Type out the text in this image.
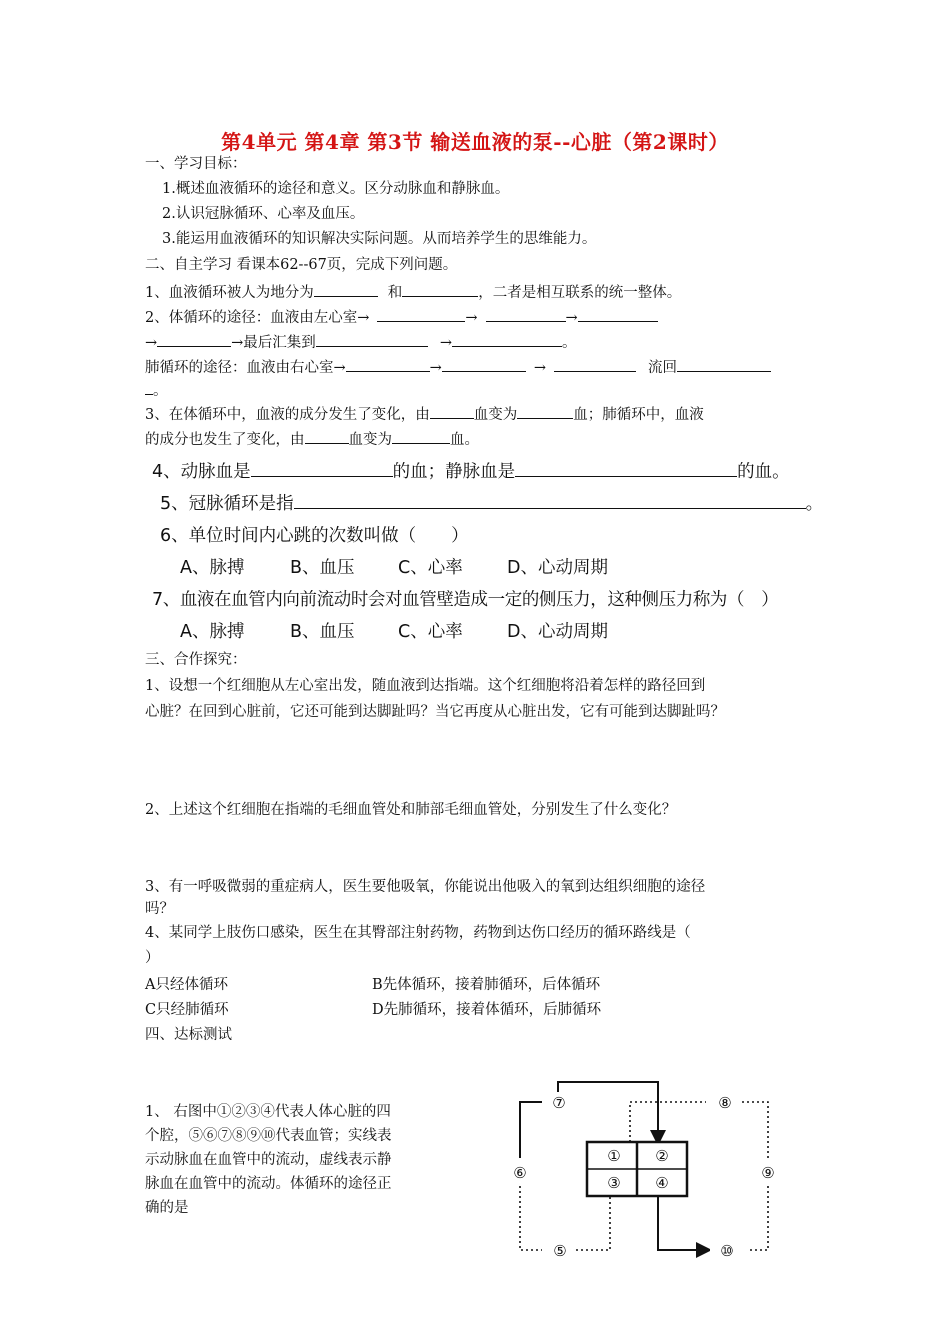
第4单元 第4章 第3节 输送血液的泵--心脏（第2课时）
一、学习目标：
1.概述血液循环的途径和意义。区分动脉血和静脉血。
2.认识冠脉循环、心率及血压。
3.能运用血液循环的知识解决实际问题。从而培养学生的思维能力。
二、自主学习 看课本62--67页，完成下列问题。
1、血液循环被人为地分为	和	，二者是相互联系的统一整体。
2、体循环的途径：血液由左心室→	→	→
→	→最后汇集到	→	。
肺循环的途径：血液由右心室→	→	→	流回
。
3、在体循环中，血液的成分发生了变化，由	血变为	血；肺循环中，血液
的成分也发生了变化，由	血变为	血。
4、动脉血是	的血；静脉血是	的血。
5、冠脉循环是指	。
6、单位时间内心跳的次数叫做（　　）
A、脉搏	B、血压 C、心率	D、心动周期
7、血液在血管内向前流动时会对血管壁造成一定的侧压力，这种侧压力称为（　）
A、脉搏	B、血压 C、心率	D、心动周期
三、合作探究：
1、设想一个红细胞从左心室出发，随血液到达指端。这个红细胞将沿着怎样的路径回到
心脏？在回到心脏前，它还可能到达脚趾吗？当它再度从心脏出发，它有可能到达脚趾吗？
2、上述这个红细胞在指端的毛细血管处和肺部毛细血管处，分别发生了什么变化？
3、有一呼吸微弱的重症病人，医生要他吸氧，你能说出他吸入的氧到达组织细胞的途径
吗？
4、某同学上肢伤口感染，医生在其臀部注射药物，药物到达伤口经历的循环路线是（
）
A只经体循环	B先体循环，接着肺循环，后体循环
C只经肺循环	D先肺循环，接着体循环，后肺循环
四、达标测试
1、 右图中①②③④代表人体心脏的四
个腔，⑤⑥⑦⑧⑨⑩代表血管；实线表
示动脉血在血管中的流动，虚线表示静
脉血在血管中的流动。体循环的途径正
确的是
① ②
③ ④
⑦	⑧
⑥	⑨
⑤	⑩
